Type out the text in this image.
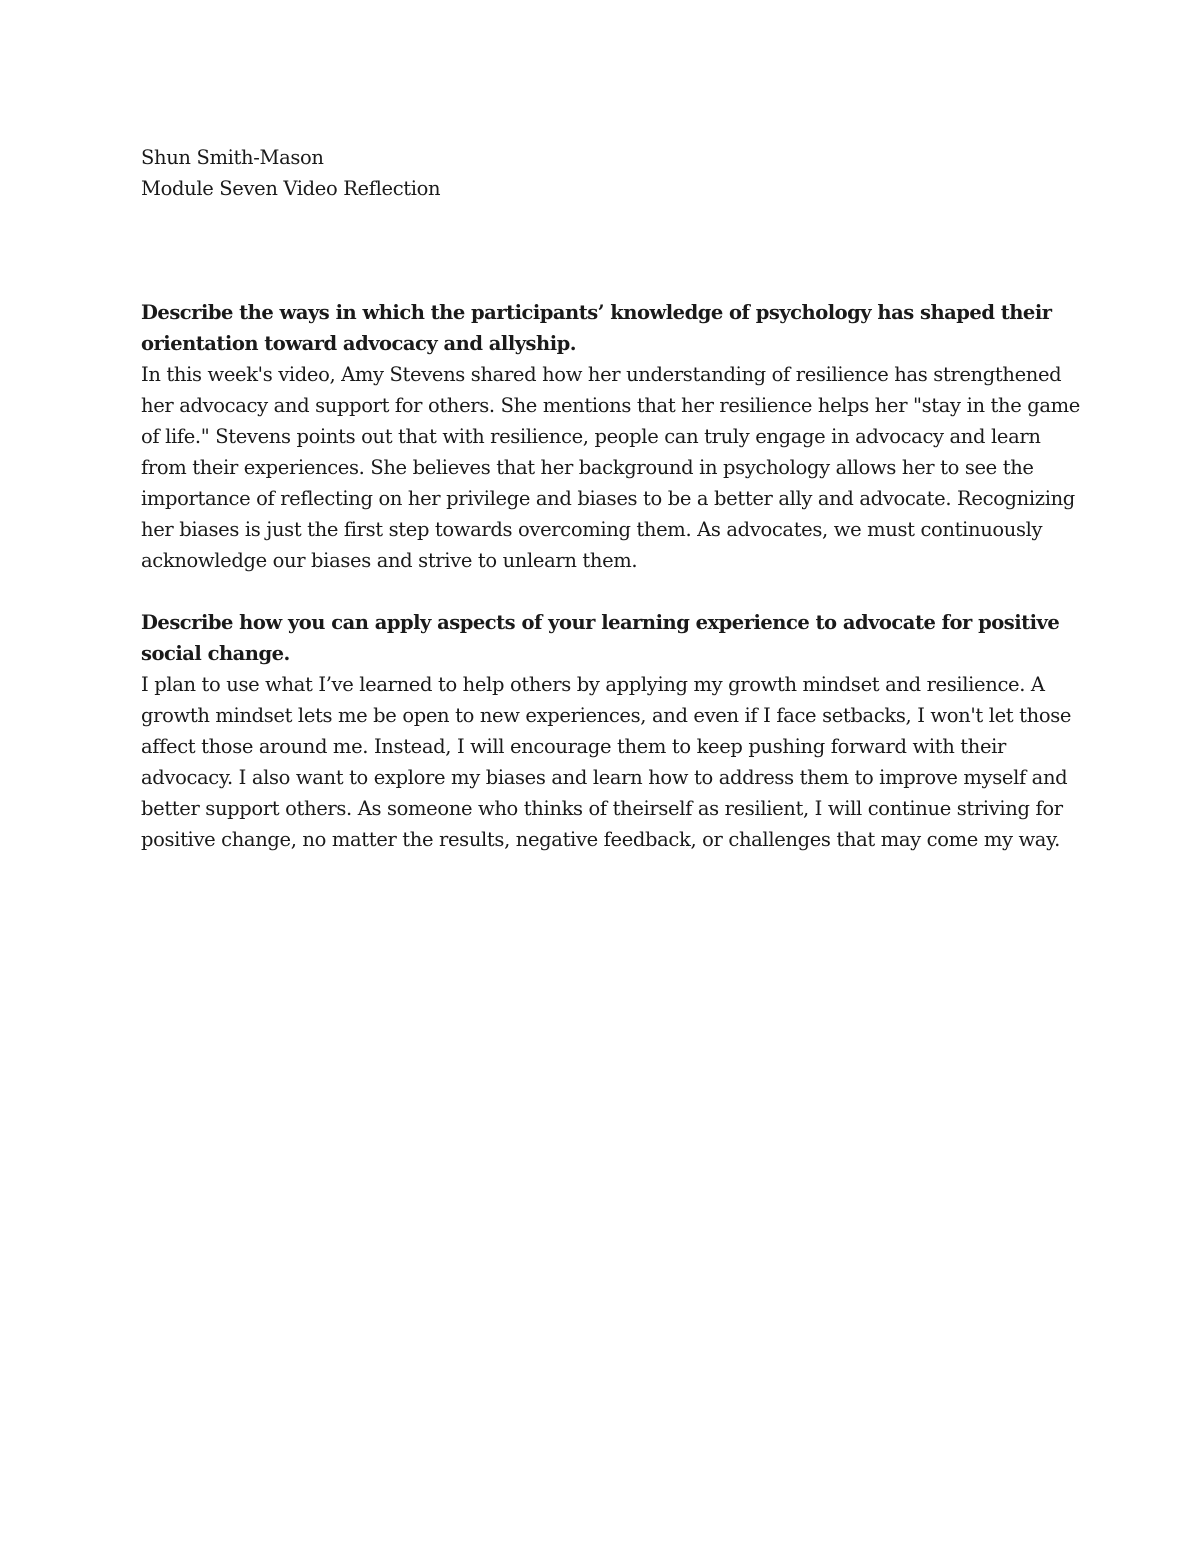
Shun Smith-Mason

Module Seven Video Reflection

Describe the ways in which the participants’ knowledge of psychology has shaped their

orientation toward advocacy and allyship.

In this week's video, Amy Stevens shared how her understanding of resilience has strengthened

her advocacy and support for others. She mentions that her resilience helps her "stay in the game

of life." Stevens points out that with resilience, people can truly engage in advocacy and learn

from their experiences. She believes that her background in psychology allows her to see the

importance of reflecting on her privilege and biases to be a better ally and advocate. Recognizing

her biases is just the first step towards overcoming them. As advocates, we must continuously

acknowledge our biases and strive to unlearn them.

Describe how you can apply aspects of your learning experience to advocate for positive

social change.

I plan to use what I’ve learned to help others by applying my growth mindset and resilience. A

growth mindset lets me be open to new experiences, and even if I face setbacks, I won't let those

affect those around me. Instead, I will encourage them to keep pushing forward with their

advocacy. I also want to explore my biases and learn how to address them to improve myself and

better support others. As someone who thinks of theirself as resilient, I will continue striving for

positive change, no matter the results, negative feedback, or challenges that may come my way.
